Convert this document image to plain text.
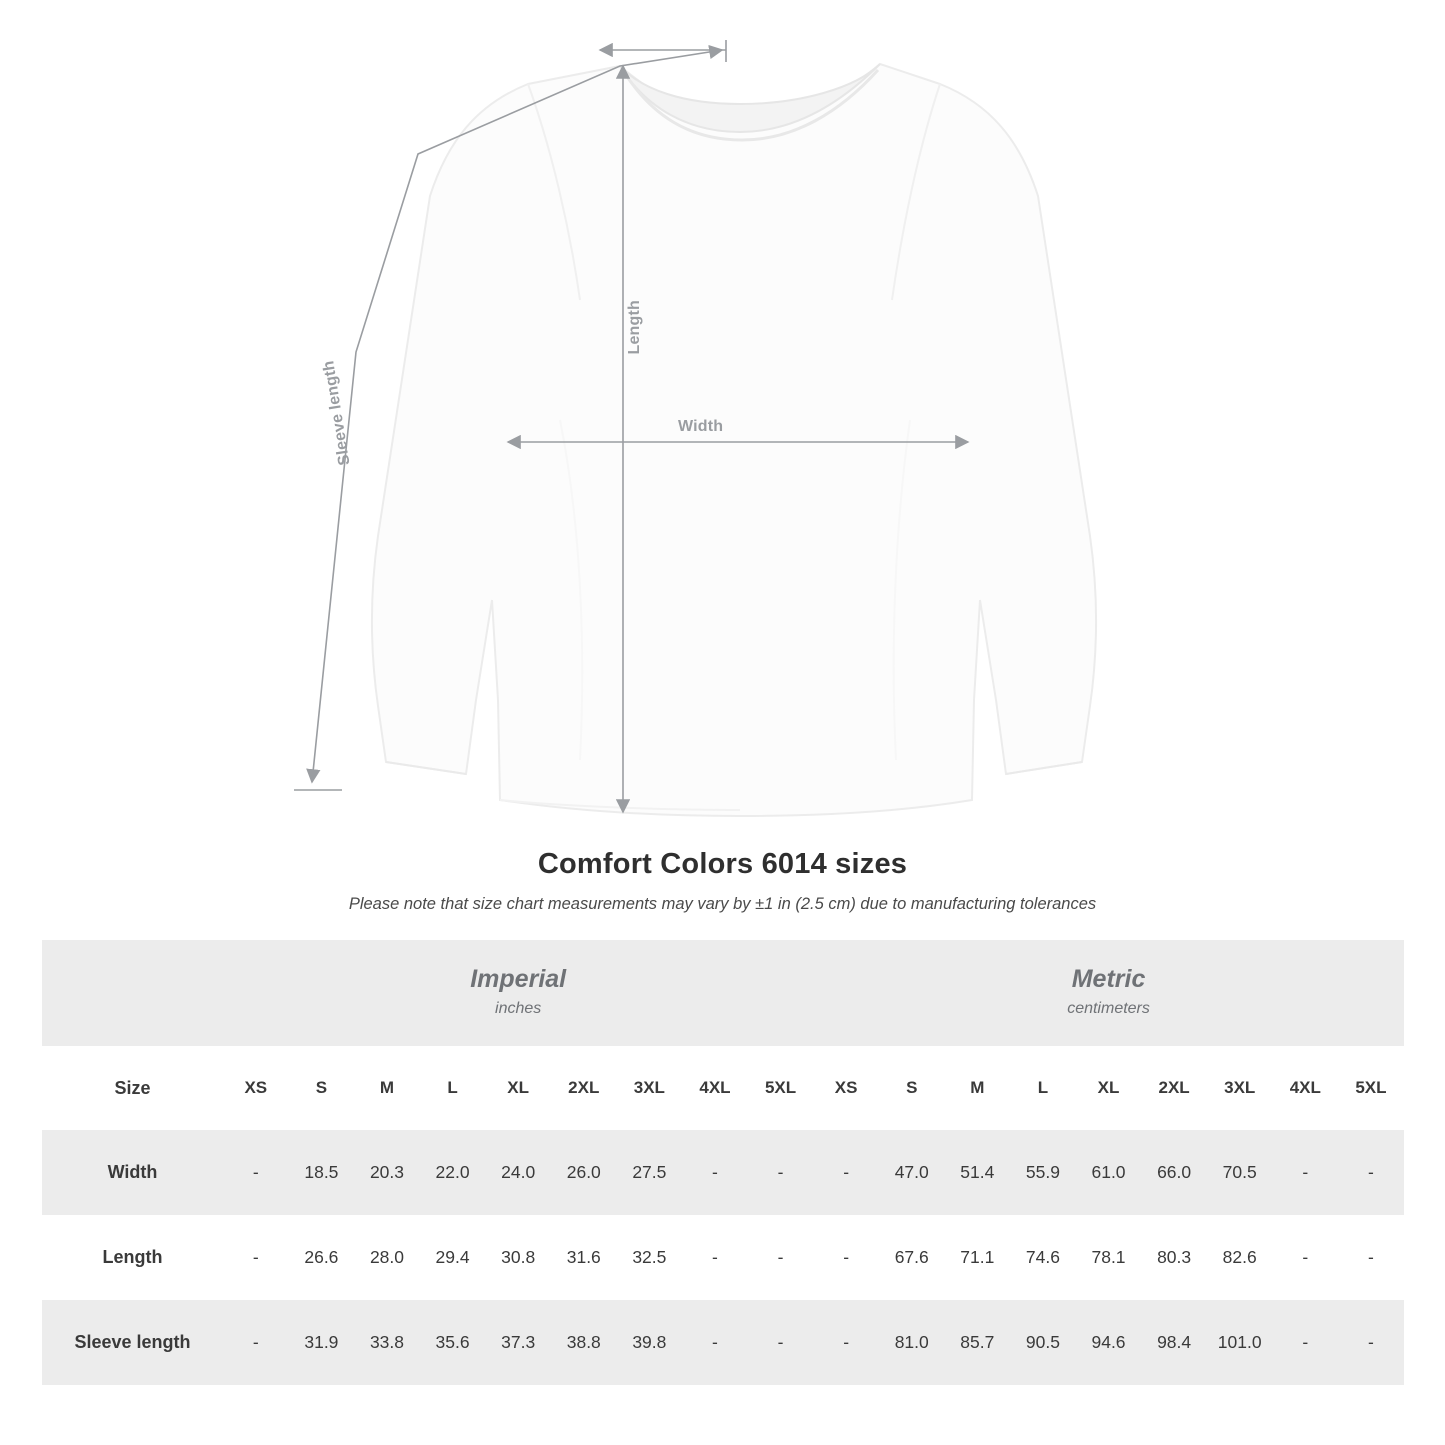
Length
Width
Sleeve length
Comfort Colors 6014 sizes
Please note that size chart measurements may vary by ±1 in (2.5 cm) due to manufacturing tolerances

Imperial
inches

Metric
centimeters

Size	XS	S	M	L	XL	2XL	3XL	4XL	5XL	XS	S	M	L	XL	2XL	3XL	4XL	5XL
Width	-	18.5	20.3	22.0	24.0	26.0	27.5	-	-	-	47.0	51.4	55.9	61.0	66.0	70.5	-	-
Length	-	26.6	28.0	29.4	30.8	31.6	32.5	-	-	-	67.6	71.1	74.6	78.1	80.3	82.6	-	-
Sleeve length	-	31.9	33.8	35.6	37.3	38.8	39.8	-	-	-	81.0	85.7	90.5	94.6	98.4	101.0	-	-
